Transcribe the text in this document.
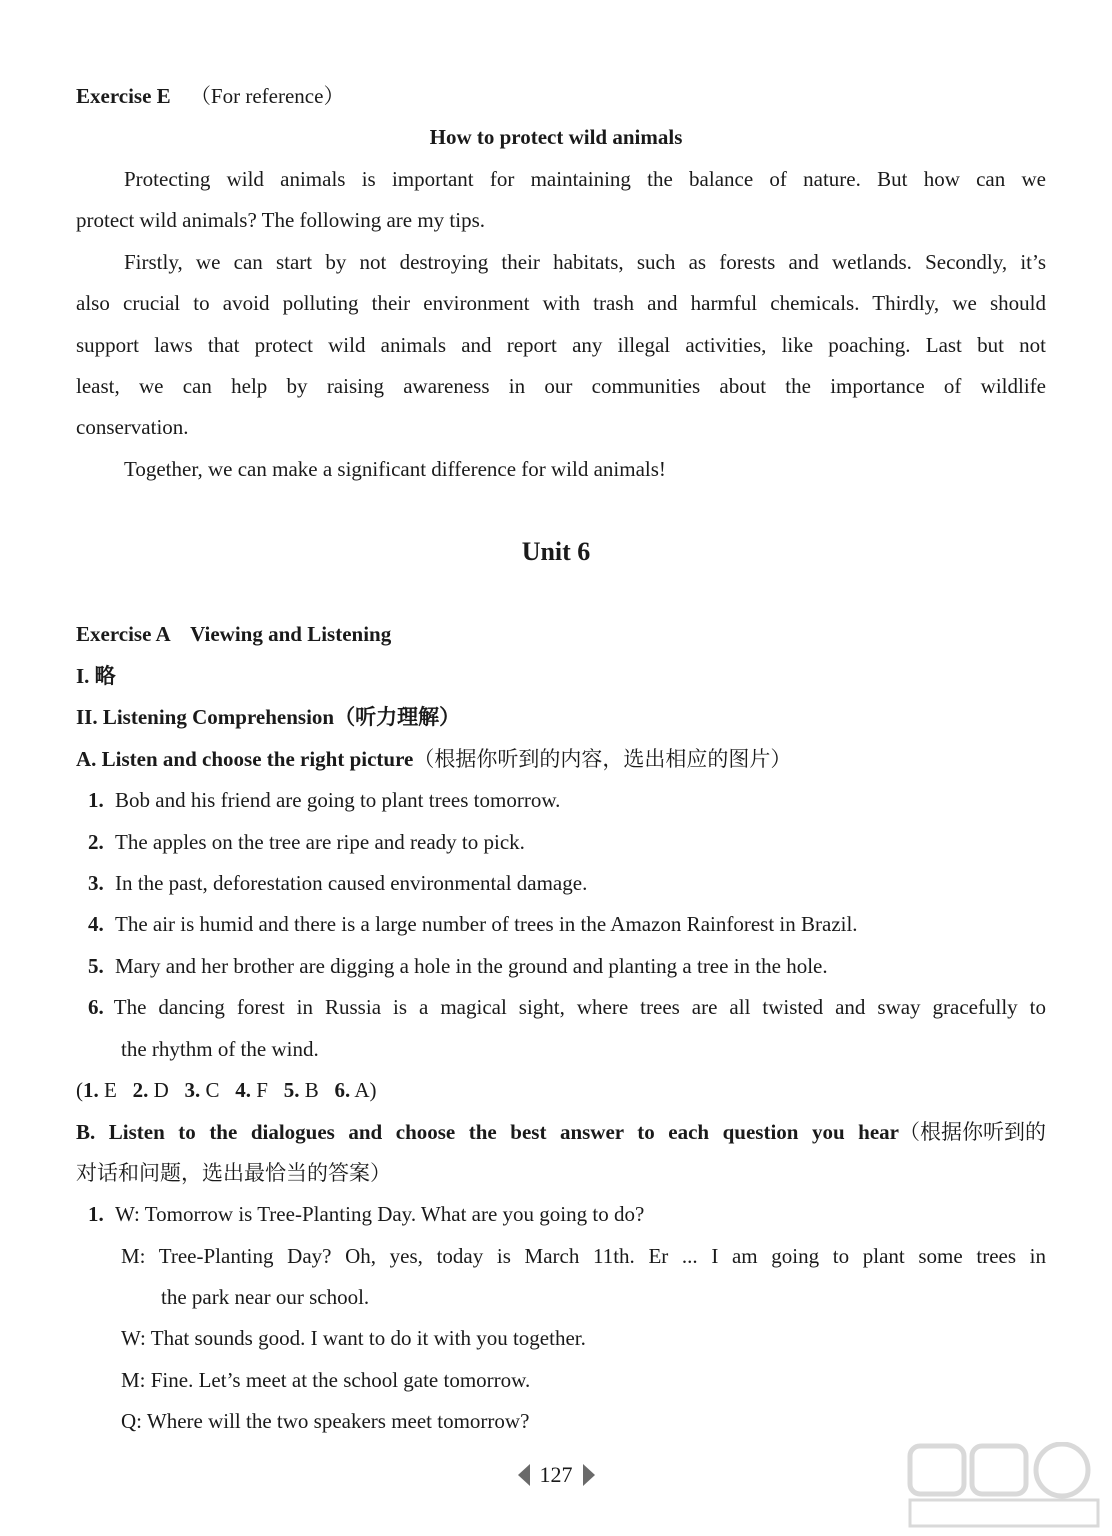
Exercise E （For reference）
How to protect wild animals
Protecting wild animals is important for maintaining the balance of nature. But how can we
protect wild animals? The following are my tips.
Firstly, we can start by not destroying their habitats, such as forests and wetlands. Secondly, it’s
also crucial to avoid polluting their environment with trash and harmful chemicals. Thirdly, we should
support laws that protect wild animals and report any illegal activities, like poaching. Last but not
least, we can help by raising awareness in our communities about the importance of wildlife
conservation.
Together, we can make a significant difference for wild animals!
Unit 6
Exercise A    Viewing and Listening
I. 略
II. Listening Comprehension（听力理解）
A. Listen and choose the right picture（根据你听到的内容，选出相应的图片）
1. Bob and his friend are going to plant trees tomorrow.
2. The apples on the tree are ripe and ready to pick.
3. In the past, deforestation caused environmental damage.
4. The air is humid and there is a large number of trees in the Amazon Rainforest in Brazil.
5. Mary and her brother are digging a hole in the ground and planting a tree in the hole.
6. The dancing forest in Russia is a magical sight, where trees are all twisted and sway gracefully to
the rhythm of the wind.
(1. E 2. D 3. C 4. F 5. B 6. A)
B. Listen to the dialogues and choose the best answer to each question you hear （根据你听到的
对话和问题，选出最恰当的答案）
1. W: Tomorrow is Tree-Planting Day. What are you going to do?
M: Tree-Planting Day? Oh, yes, today is March 11th. Er ... I am going to plant some trees in
the park near our school.
W: That sounds good. I want to do it with you together.
M: Fine. Let’s meet at the school gate tomorrow.
Q: Where will the two speakers meet tomorrow?
127
